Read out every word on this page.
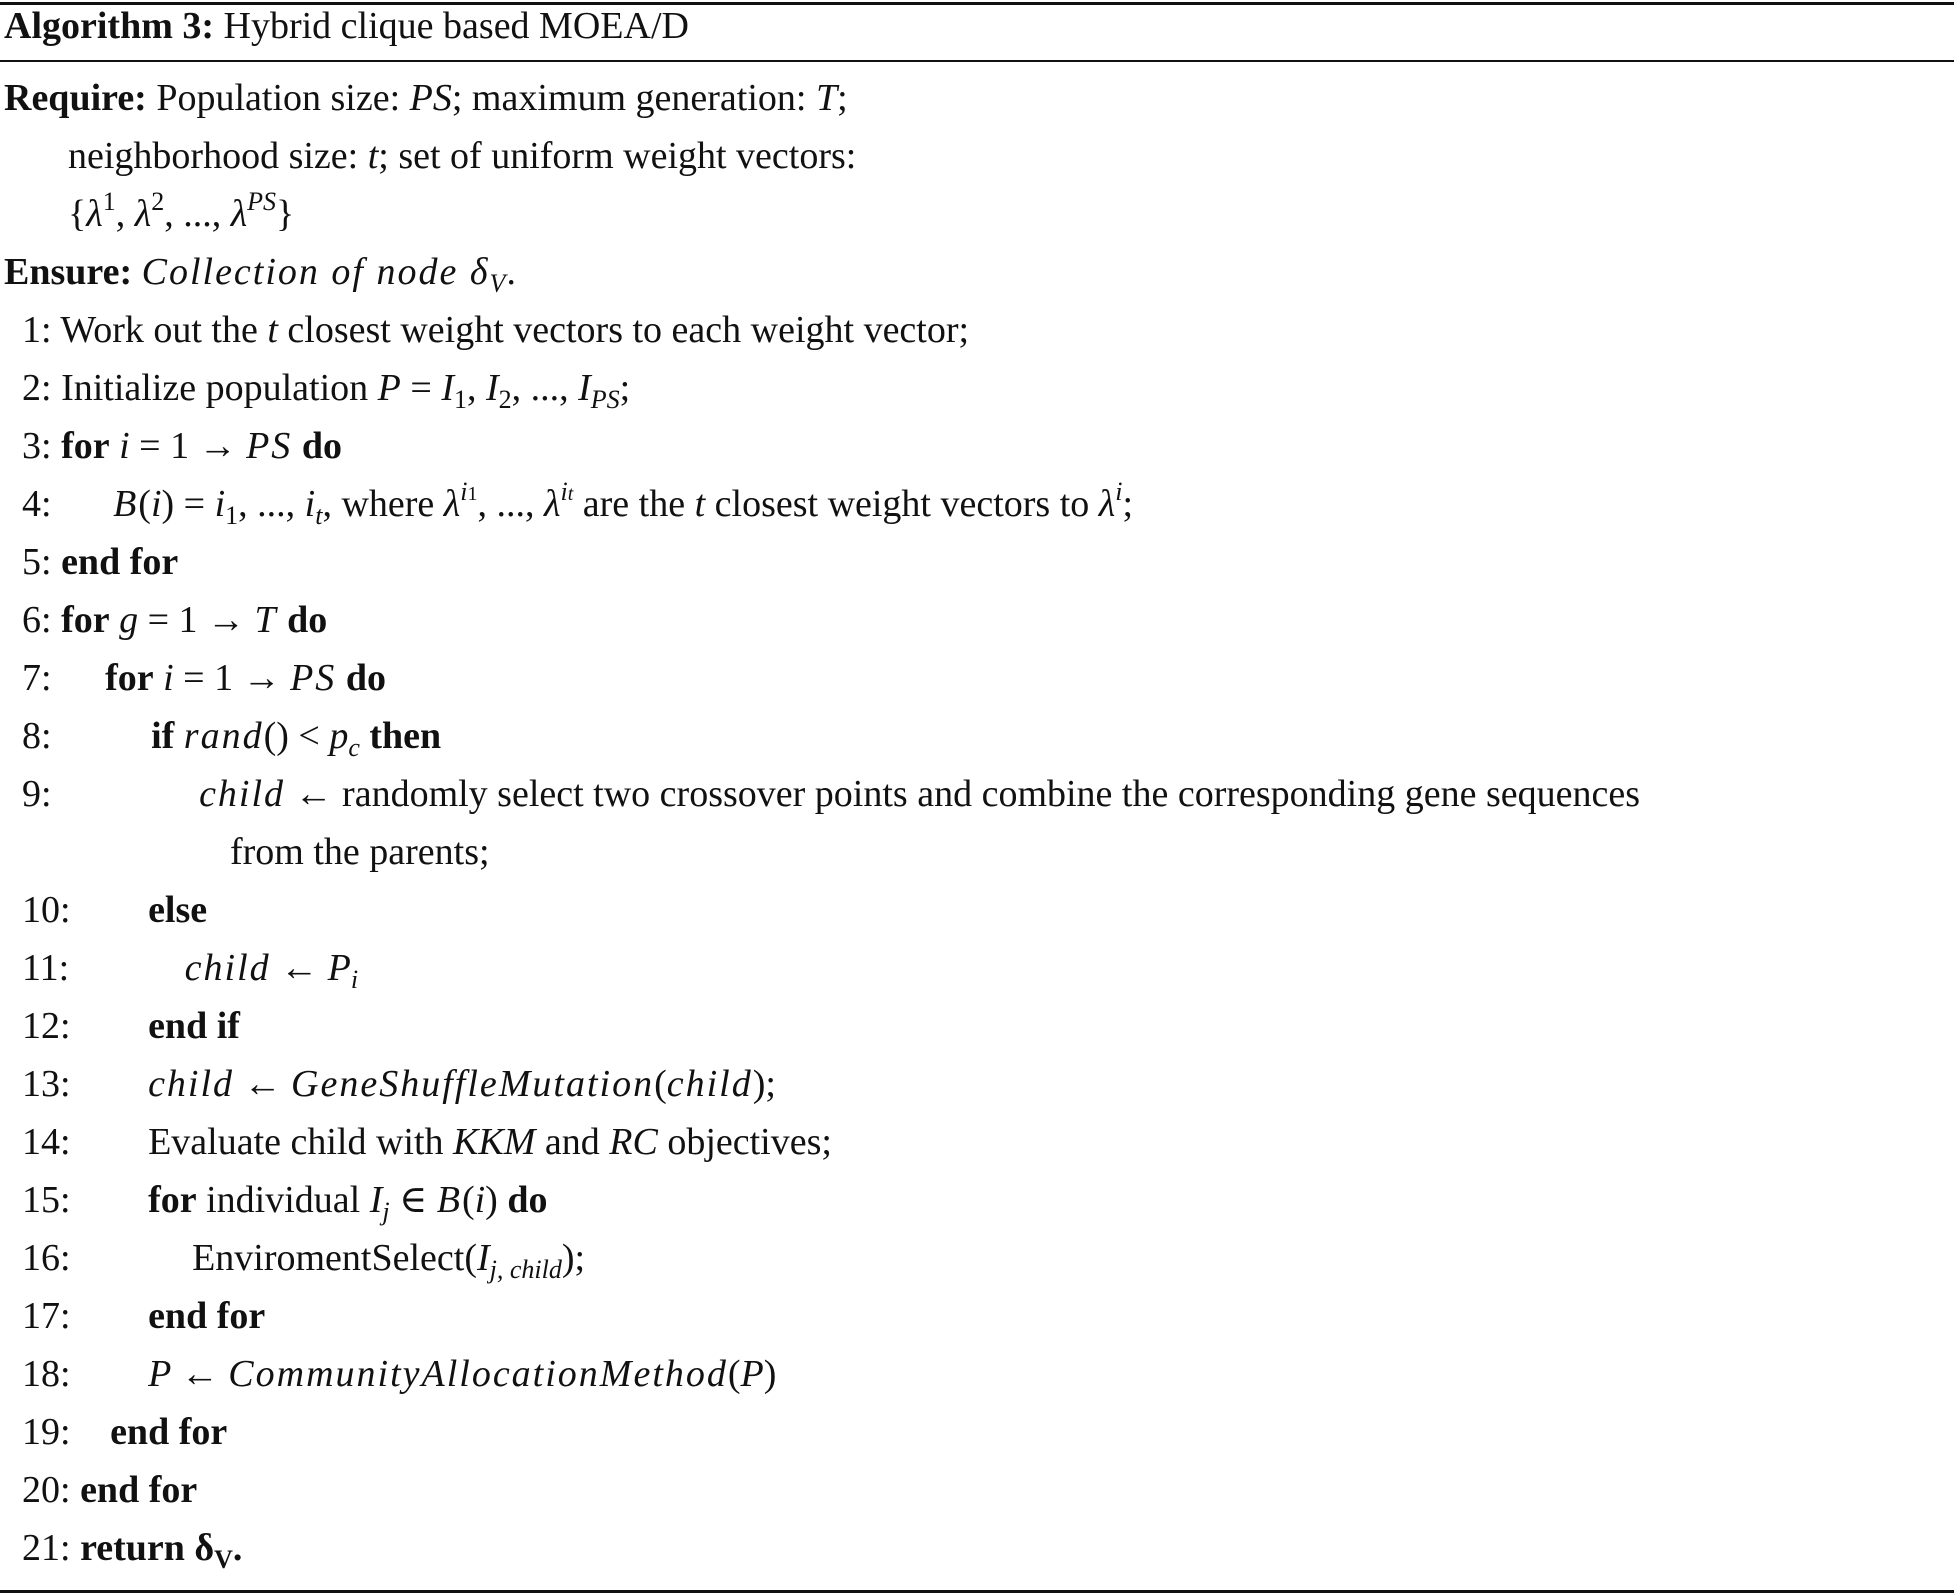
Algorithm 3: Hybrid clique based MOEA/D
Require: Population size: PS; maximum generation: T;
neighborhood size: t; set of uniform weight vectors:
{$\lambda^1$, $\lambda^2$, ..., $\lambda^{PS}$}
Ensure: Collection of node $\delta_V$.
1: Work out the t closest weight vectors to each weight vector;
2: Initialize population $P = I_1$, $I_2$, ..., $I_{PS}$;
3: for i = 1 → PS do
4: $B(i) = i_1$, ..., $i_t$, where $\lambda^{i1}$, ..., $\lambda^{it}$ are the t closest weight vectors to $\lambda^i$;
5: end for
6: for g = 1 → T do
7: for i = 1 → PS do
8:	if rand() < $p_c$ then
9:	child ← randomly select two crossover points and combine the corresponding gene sequences
from the parents;
10: else
11:	child ← $P_i$
12: end if
13: child ← GeneShuffleMutation(child);
14: Evaluate child with KKM and RC objectives;
15: for individual $I_j$ ∈ B(i) do
16:	$EnviromentSelect(I_{j, child})$;
17: end for
18: P ← CommunityAllocationMethod(P)
19: end for
20: end for
21: return $\delta_V$.
